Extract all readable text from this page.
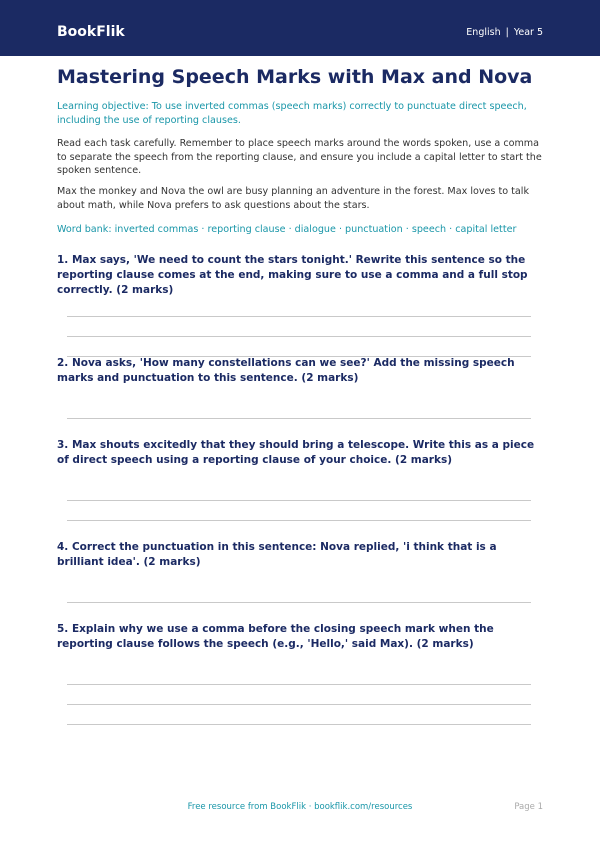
BookFlik	English | Year 5
Mastering Speech Marks with Max and Nova
Learning objective: To use inverted commas (speech marks) correctly to punctuate direct speech, including the use of reporting clauses.
Read each task carefully. Remember to place speech marks around the words spoken, use a comma to separate the speech from the reporting clause, and ensure you include a capital letter to start the spoken sentence.
Max the monkey and Nova the owl are busy planning an adventure in the forest. Max loves to talk about math, while Nova prefers to ask questions about the stars.
Word bank: inverted commas · reporting clause · dialogue · punctuation · speech · capital letter
1. Max says, 'We need to count the stars tonight.' Rewrite this sentence so the reporting clause comes at the end, making sure to use a comma and a full stop correctly. (2 marks)
2. Nova asks, 'How many constellations can we see?' Add the missing speech marks and punctuation to this sentence. (2 marks)
3. Max shouts excitedly that they should bring a telescope. Write this as a piece of direct speech using a reporting clause of your choice. (2 marks)
4. Correct the punctuation in this sentence: Nova replied, 'i think that is a brilliant idea'. (2 marks)
5. Explain why we use a comma before the closing speech mark when the reporting clause follows the speech (e.g., 'Hello,' said Max). (2 marks)
Free resource from BookFlik · bookflik.com/resources	Page 1
